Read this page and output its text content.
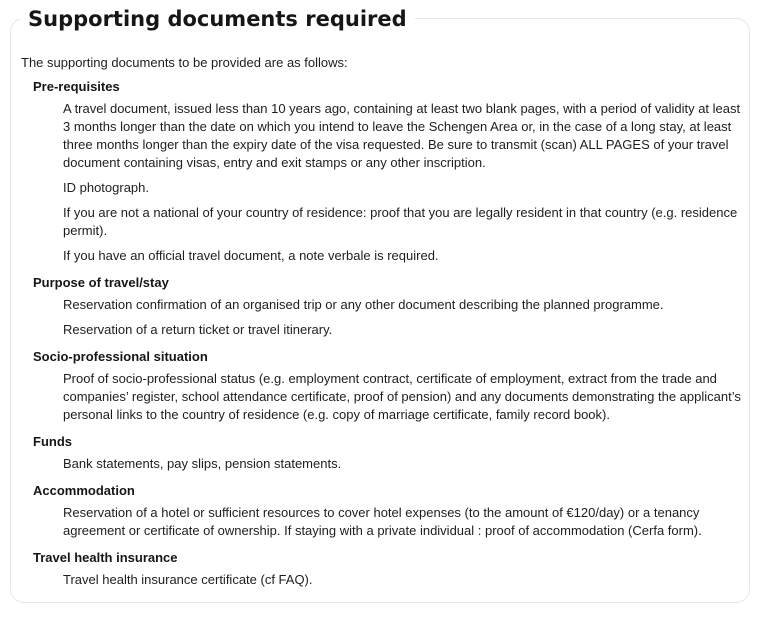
Supporting documents required

The supporting documents to be provided are as follows:

Pre-requisites
A travel document, issued less than 10 years ago, containing at least two blank pages, with a period of validity at least 3 months longer than the date on which you intend to leave the Schengen Area or, in the case of a long stay, at least three months longer than the expiry date of the visa requested. Be sure to transmit (scan) ALL PAGES of your travel document containing visas, entry and exit stamps or any other inscription.
ID photograph.
If you are not a national of your country of residence: proof that you are legally resident in that country (e.g. residence permit).
If you have an official travel document, a note verbale is required.
Purpose of travel/stay
Reservation confirmation of an organised trip or any other document describing the planned programme.
Reservation of a return ticket or travel itinerary.
Socio-professional situation
Proof of socio-professional status (e.g. employment contract, certificate of employment, extract from the trade and companies’ register, school attendance certificate, proof of pension) and any documents demonstrating the applicant’s personal links to the country of residence (e.g. copy of marriage certificate, family record book).
Funds
Bank statements, pay slips, pension statements.
Accommodation
Reservation of a hotel or sufficient resources to cover hotel expenses (to the amount of €120/day) or a tenancy agreement or certificate of ownership. If staying with a private individual : proof of accommodation (Cerfa form).
Travel health insurance
Travel health insurance certificate (cf FAQ).
